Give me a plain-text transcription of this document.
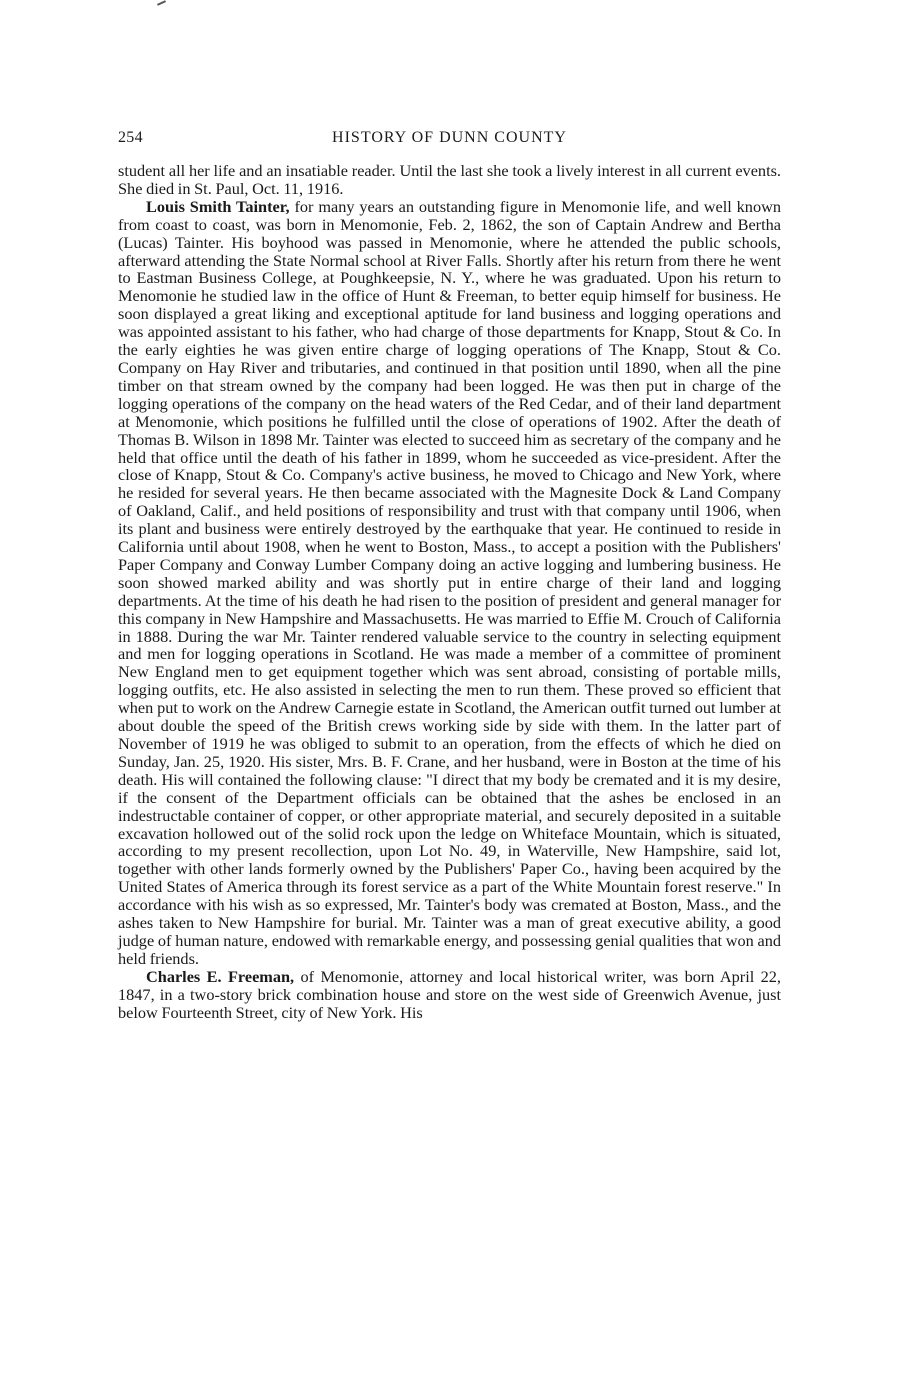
254	HISTORY OF DUNN COUNTY

student all her life and an insatiable reader. Until the last she took a lively interest in all current events. She died in St. Paul, Oct. 11, 1916.

Louis Smith Tainter, for many years an outstanding figure in Menomonie life, and well known from coast to coast, was born in Menomonie, Feb. 2, 1862, the son of Captain Andrew and Bertha (Lucas) Tainter. His boyhood was passed in Menomonie, where he attended the public schools, afterward attending the State Normal school at River Falls. Shortly after his return from there he went to Eastman Business College, at Poughkeepsie, N. Y., where he was graduated. Upon his return to Menomonie he studied law in the office of Hunt & Freeman, to better equip himself for business. He soon displayed a great liking and exceptional aptitude for land business and logging operations and was appointed assistant to his father, who had charge of those departments for Knapp, Stout & Co. In the early eighties he was given entire charge of logging operations of The Knapp, Stout & Co. Company on Hay River and tributaries, and continued in that position until 1890, when all the pine timber on that stream owned by the company had been logged. He was then put in charge of the logging operations of the company on the head waters of the Red Cedar, and of their land department at Menomonie, which positions he fulfilled until the close of operations of 1902. After the death of Thomas B. Wilson in 1898 Mr. Tainter was elected to succeed him as secretary of the company and he held that office until the death of his father in 1899, whom he succeeded as vice-president. After the close of Knapp, Stout & Co. Company's active business, he moved to Chicago and New York, where he resided for several years. He then became associated with the Magnesite Dock & Land Company of Oakland, Calif., and held positions of responsibility and trust with that company until 1906, when its plant and business were entirely destroyed by the earthquake that year. He continued to reside in California until about 1908, when he went to Boston, Mass., to accept a position with the Publishers' Paper Company and Conway Lumber Company doing an active logging and lumbering business. He soon showed marked ability and was shortly put in entire charge of their land and logging departments. At the time of his death he had risen to the position of president and general manager for this company in New Hampshire and Massachusetts. He was married to Effie M. Crouch of California in 1888. During the war Mr. Tainter rendered valuable service to the country in selecting equipment and men for logging operations in Scotland. He was made a member of a committee of prominent New England men to get equipment together which was sent abroad, consisting of portable mills, logging outfits, etc. He also assisted in selecting the men to run them. These proved so efficient that when put to work on the Andrew Carnegie estate in Scotland, the American outfit turned out lumber at about double the speed of the British crews working side by side with them. In the latter part of November of 1919 he was obliged to submit to an operation, from the effects of which he died on Sunday, Jan. 25, 1920. His sister, Mrs. B. F. Crane, and her husband, were in Boston at the time of his death. His will contained the following clause: "I direct that my body be cremated and it is my desire, if the consent of the Department officials can be obtained that the ashes be enclosed in an indestructable container of copper, or other appropriate material, and securely deposited in a suitable excavation hollowed out of the solid rock upon the ledge on Whiteface Mountain, which is situated, according to my present recollection, upon Lot No. 49, in Waterville, New Hampshire, said lot, together with other lands formerly owned by the Publishers' Paper Co., having been acquired by the United States of America through its forest service as a part of the White Mountain forest reserve." In accordance with his wish as so expressed, Mr. Tainter's body was cremated at Boston, Mass., and the ashes taken to New Hampshire for burial. Mr. Tainter was a man of great executive ability, a good judge of human nature, endowed with remarkable energy, and possessing genial qualities that won and held friends.

Charles E. Freeman, of Menomonie, attorney and local historical writer, was born April 22, 1847, in a two-story brick combination house and store on the west side of Greenwich Avenue, just below Fourteenth Street, city of New York. His
